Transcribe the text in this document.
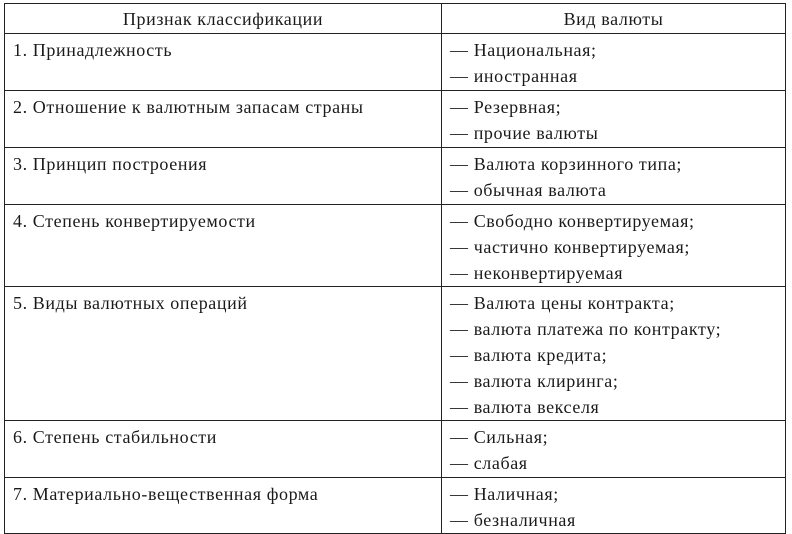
Признак классификации	Вид валюты
1. Принадлежность	— Национальная;
— иностранная

2. Отношение к валютным запасам страны	— Резервная;
— прочие валюты

3. Принцип построения	— Валюта корзинного типа;
— обычная валюта

4. Степень конвертируемости	— Свободно конвертируемая;
— частично конвертируемая;
— неконвертируемая

5. Виды валютных операций	— Валюта цены контракта;
— валюта платежа по контракту;
— валюта кредита;
— валюта клиринга;
— валюта векселя

6. Степень стабильности	— Сильная;
— слабая

7. Материально-вещественная форма	— Наличная;
— безналичная
